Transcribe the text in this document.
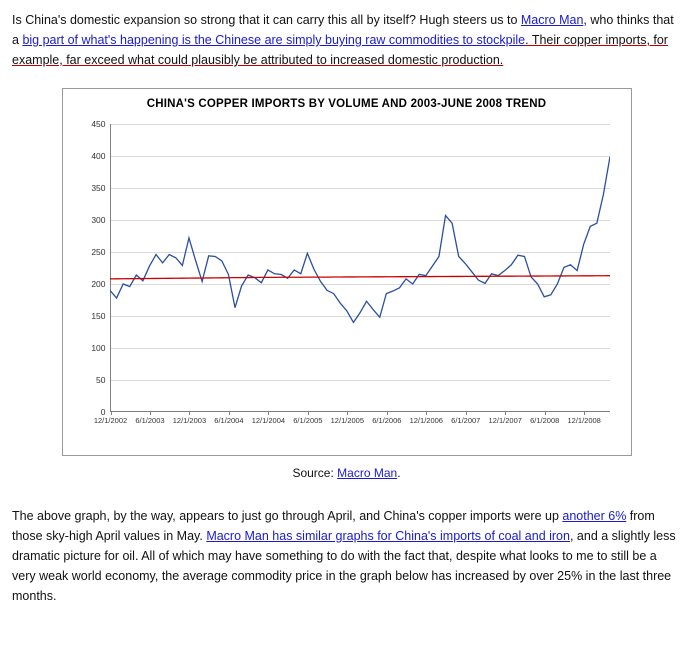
Is China's domestic expansion so strong that it can carry this all by itself? Hugh steers us to Macro Man, who thinks that a big part of what's happening is the Chinese are simply buying raw commodities to stockpile. Their copper imports, for example, far exceed what could plausibly be attributed to increased domestic production.

CHINA'S COPPER IMPORTS BY VOLUME AND 2003-JUNE 2008 TREND
0
50
100
150
200
250
300
350
400
450
12/1/2002 6/1/2003 12/1/2003 6/1/2004 12/1/2004 6/1/2005 12/1/2005 6/1/2006 12/1/2006 6/1/2007 12/1/2007 6/1/2008 12/1/2008

Source: Macro Man.

The above graph, by the way, appears to just go through April, and China's copper imports were up another 6% from those sky-high April values in May. Macro Man has similar graphs for China's imports of coal and iron, and a slightly less dramatic picture for oil. All of which may have something to do with the fact that, despite what looks to me to still be a very weak world economy, the average commodity price in the graph below has increased by over 25% in the last three months.
